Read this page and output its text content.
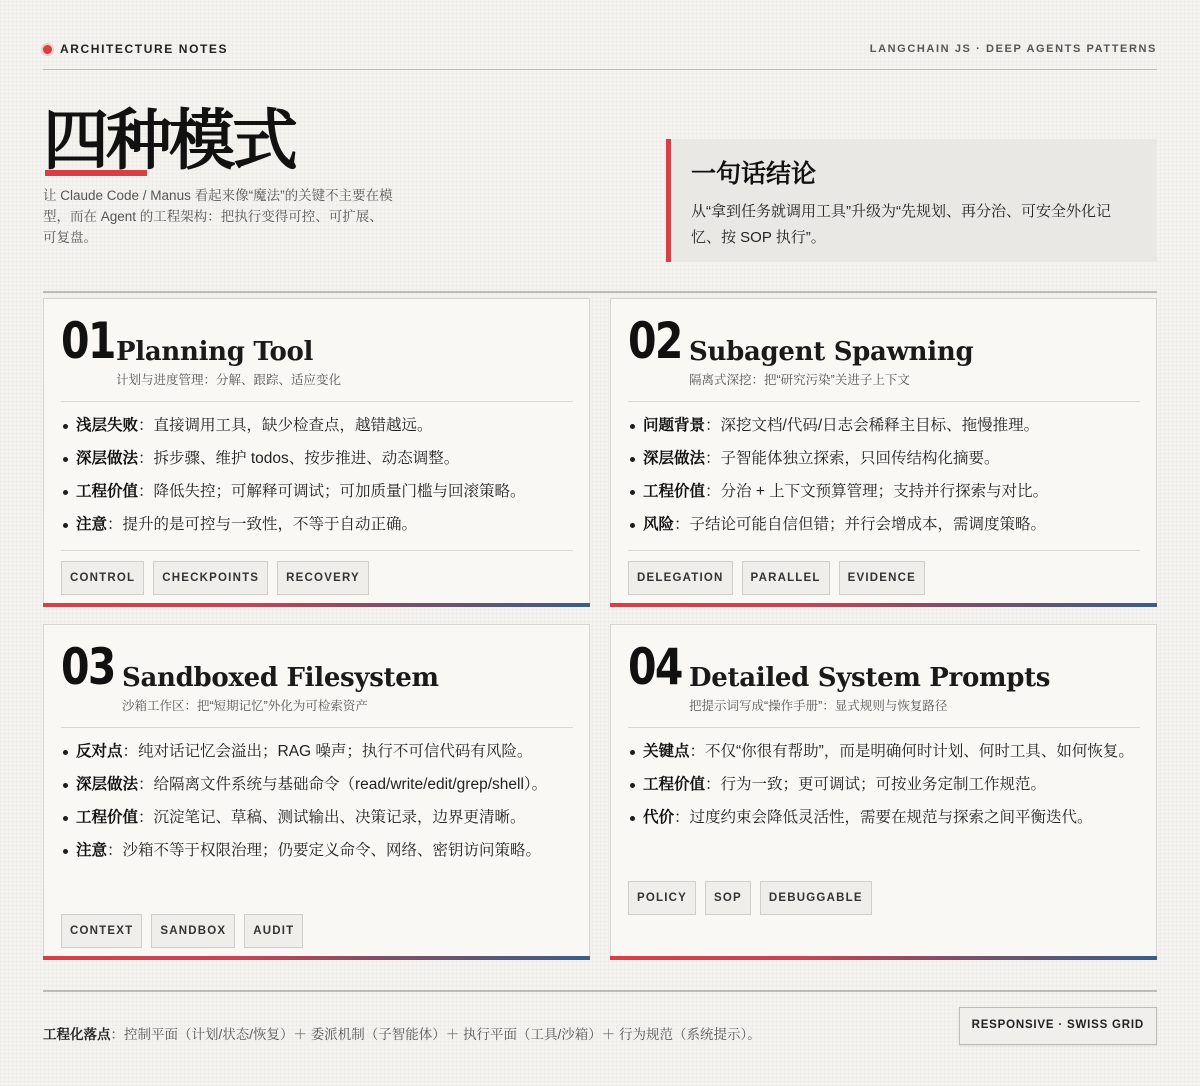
ARCHITECTURE NOTES	LANGCHAIN JS · DEEP AGENTS PATTERNS
四种模式

让 Claude Code / Manus 看起来像“魔法”的关键不主要在模型，而在 Agent 的工程架构：把执行变得可控、可扩展、可复盘。

一句话结论
从“拿到任务就调用工具”升级为“先规划、再分治、可安全外化记忆、按 SOP 执行”。
01 Planning Tool
计划与进度管理：分解、跟踪、适应变化
浅层失败：直接调用工具，缺少检查点，越错越远。
深层做法：拆步骤、维护 todos、按步推进、动态调整。
工程价值：降低失控；可解释可调试；可加质量门槛与回滚策略。
注意：提升的是可控与一致性，不等于自动正确。
CONTROL	CHECKPOINTS	RECOVERY
02 Subagent Spawning
隔离式深挖：把“研究污染”关进子上下文
问题背景：深挖文档/代码/日志会稀释主目标、拖慢推理。
深层做法：子智能体独立探索，只回传结构化摘要。
工程价值：分治 + 上下文预算管理；支持并行探索与对比。
风险：子结论可能自信但错；并行会增成本，需调度策略。
DELEGATION	PARALLEL	EVIDENCE
03 Sandboxed Filesystem
沙箱工作区：把“短期记忆”外化为可检索资产
反对点：纯对话记忆会溢出；RAG 噪声；执行不可信代码有风险。
深层做法：给隔离文件系统与基础命令（read/write/edit/grep/shell）。
工程价值：沉淀笔记、草稿、测试输出、决策记录，边界更清晰。
注意：沙箱不等于权限治理；仍要定义命令、网络、密钥访问策略。
CONTEXT	SANDBOX	AUDIT
04 Detailed System Prompts
把提示词写成“操作手册”：显式规则与恢复路径
关键点：不仅“你很有帮助”，而是明确何时计划、何时工具、如何恢复。
工程价值：行为一致；更可调试；可按业务定制工作规范。
代价：过度约束会降低灵活性，需要在规范与探索之间平衡迭代。
POLICY	SOP	DEBUGGABLE

工程化落点：控制平面（计划/状态/恢复）＋ 委派机制（子智能体）＋ 执行平面（工具/沙箱）＋ 行为规范（系统提示）。

RESPONSIVE · SWISS GRID
